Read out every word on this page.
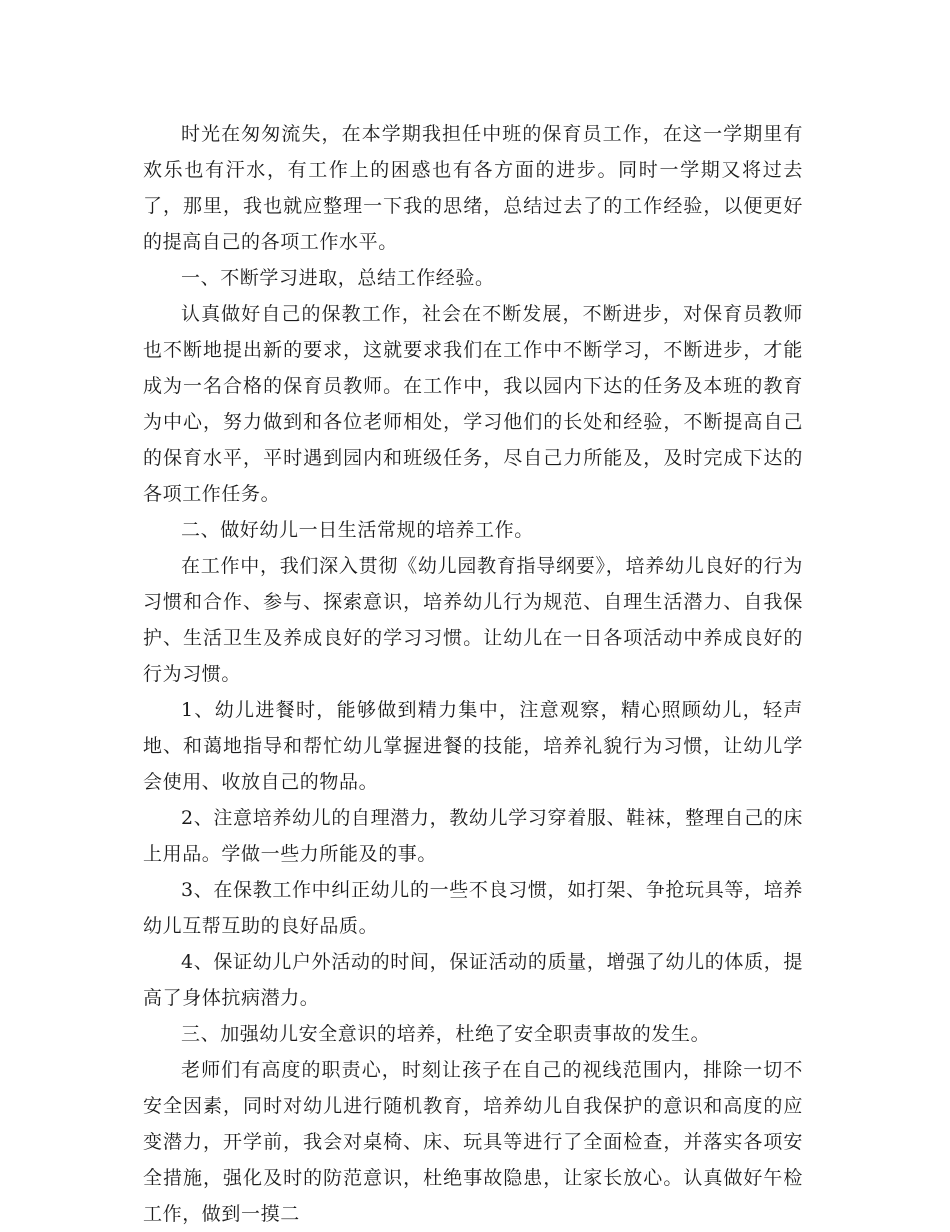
时光在匆匆流失，在本学期我担任中班的保育员工作，在这一学期里有欢乐也有汗水，有工作上的困惑也有各方面的进步。同时一学期又将过去了，那里，我也就应整理一下我的思绪，总结过去了的工作经验，以便更好的提高自己的各项工作水平。

一、不断学习进取，总结工作经验。

认真做好自己的保教工作，社会在不断发展，不断进步，对保育员教师也不断地提出新的要求，这就要求我们在工作中不断学习，不断进步，才能成为一名合格的保育员教师。在工作中，我以园内下达的任务及本班的教育为中心，努力做到和各位老师相处，学习他们的长处和经验，不断提高自己的保育水平，平时遇到园内和班级任务，尽自己力所能及，及时完成下达的各项工作任务。

二、做好幼儿一日生活常规的培养工作。

在工作中，我们深入贯彻《幼儿园教育指导纲要》，培养幼儿良好的行为习惯和合作、参与、探索意识，培养幼儿行为规范、自理生活潜力、自我保护、生活卫生及养成良好的学习习惯。让幼儿在一日各项活动中养成良好的行为习惯。

1、幼儿进餐时，能够做到精力集中，注意观察，精心照顾幼儿，轻声地、和蔼地指导和帮忙幼儿掌握进餐的技能，培养礼貌行为习惯，让幼儿学会使用、收放自己的物品。

2、注意培养幼儿的自理潜力，教幼儿学习穿着服、鞋袜，整理自己的床上用品。学做一些力所能及的事。

3、在保教工作中纠正幼儿的一些不良习惯，如打架、争抢玩具等，培养幼儿互帮互助的良好品质。

4、保证幼儿户外活动的时间，保证活动的质量，增强了幼儿的体质，提高了身体抗病潜力。

三、加强幼儿安全意识的培养，杜绝了安全职责事故的发生。

老师们有高度的职责心，时刻让孩子在自己的视线范围内，排除一切不安全因素，同时对幼儿进行随机教育，培养幼儿自我保护的意识和高度的应变潜力，开学前，我会对桌椅、床、玩具等进行了全面检查，并落实各项安全措施，强化及时的防范意识，杜绝事故隐患，让家长放心。认真做好午检工作，做到一摸二
